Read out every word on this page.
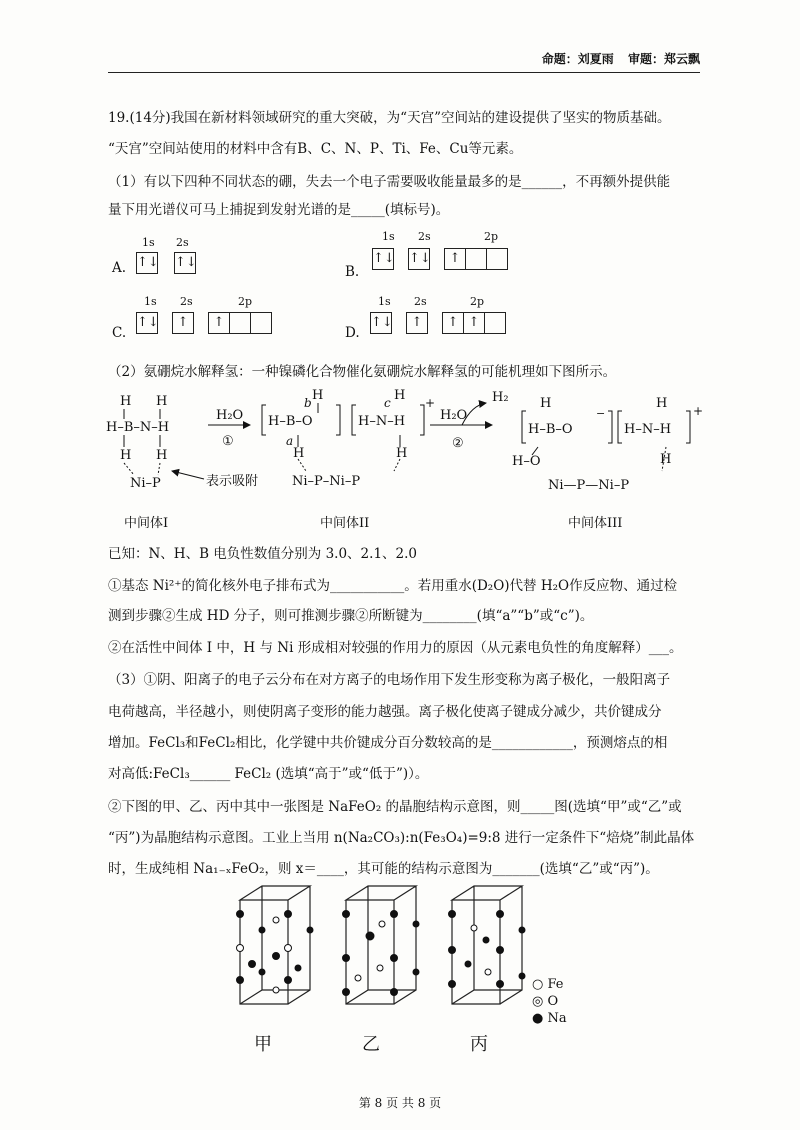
命题：刘夏雨 审题：郑云飘
19.(14分)我国在新材料领域研究的重大突破，为“天宫”空间站的建设提供了坚实的物质基础。
“天宫”空间站使用的材料中含有B、C、N、P、Ti、Fe、Cu等元素。
（1）有以下四种不同状态的硼，失去一个电子需要吸收能量最多的是______，不再额外提供能
量下用光谱仪可马上捕捉到发射光谱的是_____(填标号)。
A.
1s 2s
↑↓ ↑↓
B.
1s 2s	2p
↑↓ ↑↓ ↑
C.
1s 2s	2p
↑↓ ↑ ↑
D.
1s 2s	2p
↑↓ ↑ ↑ ↑
（2）氨硼烷水解释氢：一种镍磷化合物催化氨硼烷水解释氢的可能机理如下图所示。
H H
H–B–N–H
H H
Ni–P
H₂O
①
表示吸附
H–B–O
H
H
H–N–H
H
H
+
a
b	c
Ni–P–Ni–P
H₂O
②
H₂ H
H–B–O
−
H–O
H–N–H
H
H
+
Ni—P—Ni–P
中间体I	中间体II	中间体III
已知：N、H、B 电负性数值分别为 3.0、2.1、2.0
①基态 Ni²⁺的简化核外电子排布式为___________。若用重水(D₂O)代替 H₂O作反应物、通过检
测到步骤②生成 HD 分子，则可推测步骤②所断键为________(填“a”“b”或“c”)。
②在活性中间体 I 中，H 与 Ni 形成相对较强的作用力的原因（从元素电负性的角度解释）___。
（3）①阴、阳离子的电子云分布在对方离子的电场作用下发生形变称为离子极化，一般阳离子
电荷越高，半径越小，则使阴离子变形的能力越强。离子极化使离子键成分减少，共价键成分
增加。FeCl₃和FeCl₂相比，化学键中共价键成分百分数较高的是____________，预测熔点的相
对高低:FeCl₃______ FeCl₂ (选填“高于”或“低于”)）。
②下图的甲、乙、丙中其中一张图是 NaFeO₂ 的晶胞结构示意图，则_____图(选填“甲”或“乙”或
“丙”)为晶胞结构示意图。工业上当用 n(Na₂CO₃):n(Fe₃O₄)=9:8 进行一定条件下“焙烧”制此晶体
时，生成纯相 Na₁₋ₓFeO₂，则 x＝____，其可能的结构示意图为_______(选填“乙”或“丙”)。
甲	乙	丙
○ Fe
◎ O
● Na
第 8 页 共 8 页
